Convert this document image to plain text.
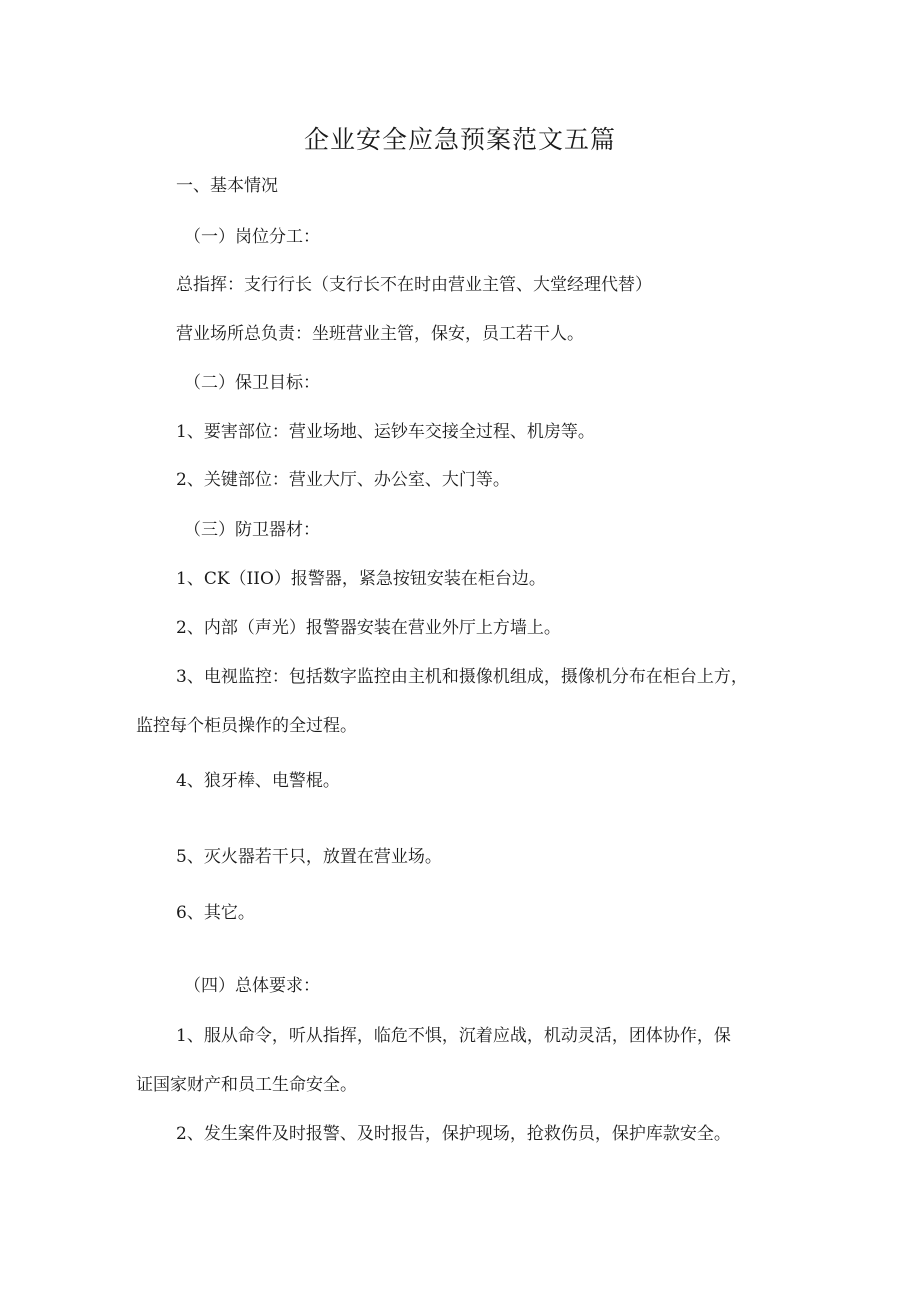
企业安全应急预案范文五篇
一、基本情况
（一）岗位分工：
总指挥：支行行长（支行长不在时由营业主管、大堂经理代替）
营业场所总负责：坐班营业主管，保安，员工若干人。
（二）保卫目标：
1、要害部位：营业场地、运钞车交接全过程、机房等。
2、关键部位：营业大厅、办公室、大门等。
（三）防卫器材：
1、CK（IIO）报警器，紧急按钮安装在柜台边。
2、内部（声光）报警器安装在营业外厅上方墙上。
3、电视监控：包括数字监控由主机和摄像机组成，摄像机分布在柜台上方，
监控每个柜员操作的全过程。
4、狼牙棒、电警棍。
5、灭火器若干只，放置在营业场。
6、其它。
（四）总体要求：
1、服从命令，听从指挥，临危不惧，沉着应战，机动灵活，团体协作，保
证国家财产和员工生命安全。
2、发生案件及时报警、及时报告，保护现场，抢救伤员，保护库款安全。
